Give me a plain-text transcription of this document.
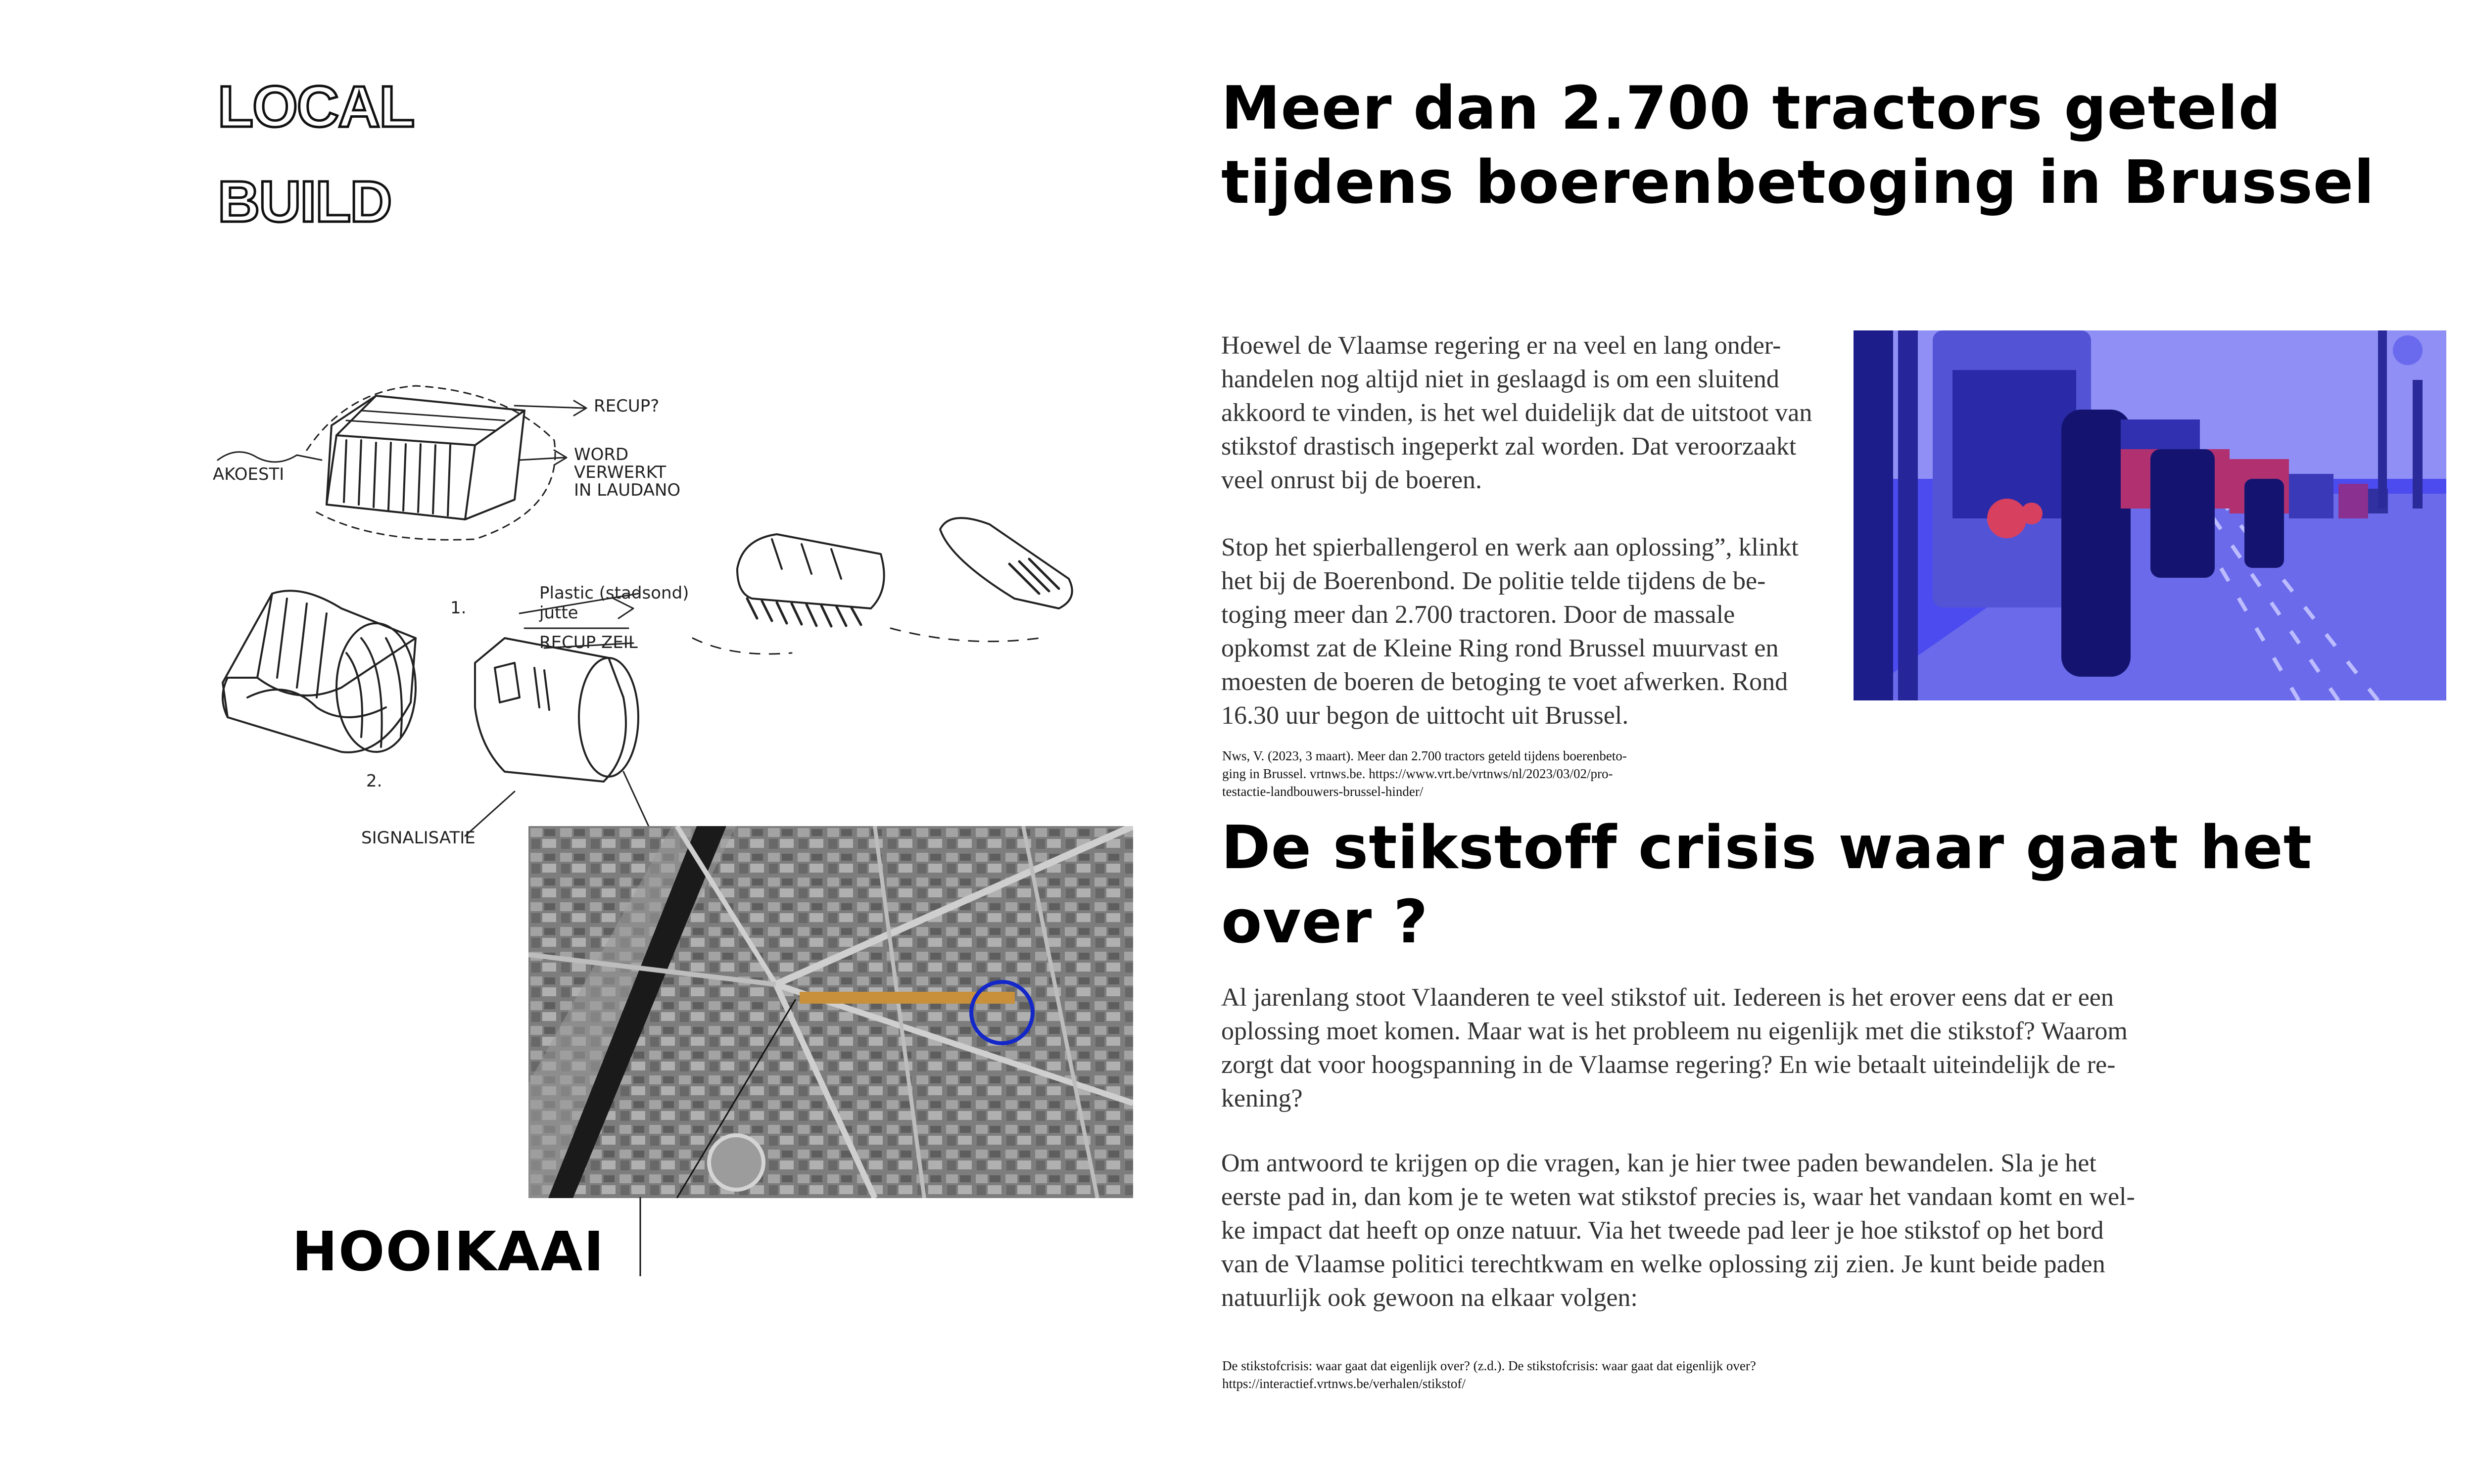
LOCAL
BUILD
RECUP?
AKOESTI
WORD
VERWERKT
IN LAUDANO
Plastic (stadsond)
jutte
RECUP ZEIL
1.
2.
SIGNALISATIE
HOOIKAAI
Meer dan 2.700 tractors geteld tijdens boerenbetoging in Brussel
Hoewel de Vlaamse regering er na veel en lang onder-
handelen nog altijd niet in geslaagd is om een sluitend
akkoord te vinden, is het wel duidelijk dat de uitstoot van
stikstof drastisch ingeperkt zal worden. Dat veroorzaakt
veel onrust bij de boeren.
Stop het spierballengerol en werk aan oplossing”, klinkt
het bij de Boerenbond. De politie telde tijdens de be-
toging meer dan 2.700 tractoren. Door de massale
opkomst zat de Kleine Ring rond Brussel muurvast en
moesten de boeren de betoging te voet afwerken. Rond
16.30 uur begon de uittocht uit Brussel.
Nws, V. (2023, 3 maart). Meer dan 2.700 tractors geteld tijdens boerenbeto-
ging in Brussel. vrtnws.be. https://www.vrt.be/vrtnws/nl/2023/03/02/pro-
testactie-landbouwers-brussel-hinder/
De stikstoff crisis waar gaat het over ?
Al jarenlang stoot Vlaanderen te veel stikstof uit. Iedereen is het erover eens dat er een
oplossing moet komen. Maar wat is het probleem nu eigenlijk met die stikstof? Waarom
zorgt dat voor hoogspanning in de Vlaamse regering? En wie betaalt uiteindelijk de re-
kening?
Om antwoord te krijgen op die vragen, kan je hier twee paden bewandelen. Sla je het
eerste pad in, dan kom je te weten wat stikstof precies is, waar het vandaan komt en wel-
ke impact dat heeft op onze natuur. Via het tweede pad leer je hoe stikstof op het bord
van de Vlaamse politici terechtkwam en welke oplossing zij zien. Je kunt beide paden
natuurlijk ook gewoon na elkaar volgen:
De stikstofcrisis: waar gaat dat eigenlijk over? (z.d.). De stikstofcrisis: waar gaat dat eigenlijk over?
https://interactief.vrtnws.be/verhalen/stikstof/
